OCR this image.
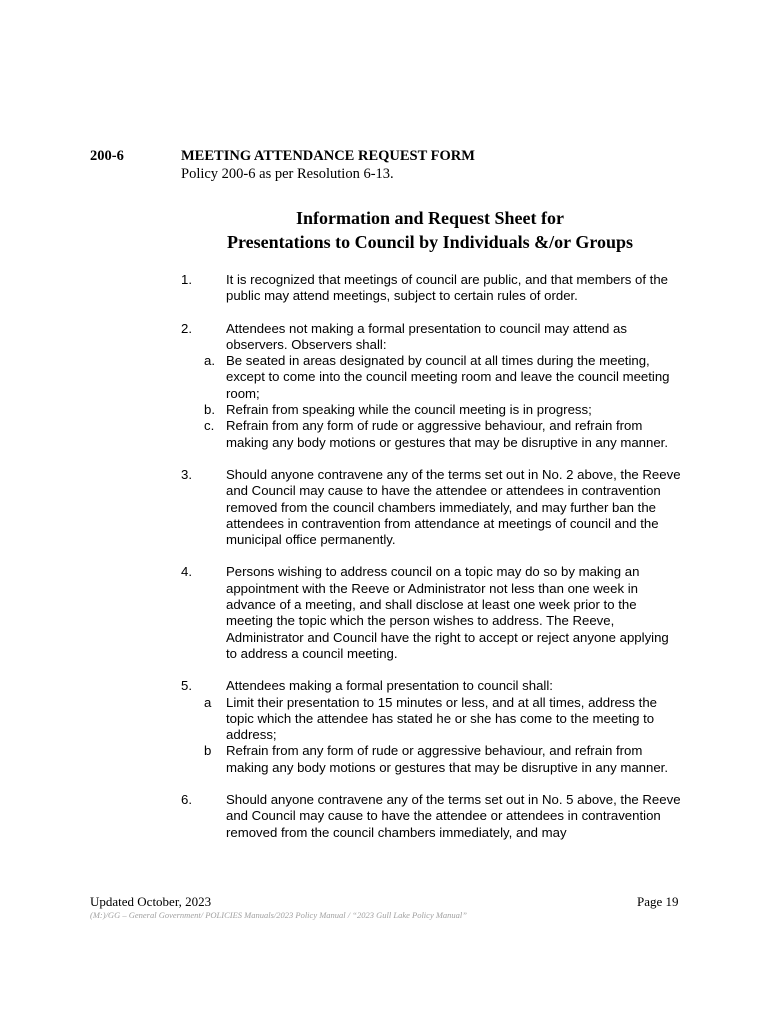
200-6	MEETING ATTENDANCE REQUEST FORM
Policy 200-6 as per Resolution 6-13.
Information and Request Sheet for
Presentations to Council by Individuals &/or Groups
1.	It is recognized that meetings of council are public, and that members of the public may attend meetings, subject to certain rules of order.
2.	Attendees not making a formal presentation to council may attend as observers. Observers shall:
a. Be seated in areas designated by council at all times during the meeting, except to come into the council meeting room and leave the council meeting room;
b. Refrain from speaking while the council meeting is in progress;
c. Refrain from any form of rude or aggressive behaviour, and refrain from making any body motions or gestures that may be disruptive in any manner.
3.	Should anyone contravene any of the terms set out in No. 2 above, the Reeve and Council may cause to have the attendee or attendees in contravention removed from the council chambers immediately, and may further ban the attendees in contravention from attendance at meetings of council and the municipal office permanently.
4.	Persons wishing to address council on a topic may do so by making an appointment with the Reeve or Administrator not less than one week in advance of a meeting, and shall disclose at least one week prior to the meeting the topic which the person wishes to address. The Reeve, Administrator and Council have the right to accept or reject anyone applying to address a council meeting.
5.	Attendees making a formal presentation to council shall:
a Limit their presentation to 15 minutes or less, and at all times, address the topic which the attendee has stated he or she has come to the meeting to address;
b Refrain from any form of rude or aggressive behaviour, and refrain from making any body motions or gestures that may be disruptive in any manner.
6.	Should anyone contravene any of the terms set out in No. 5 above, the Reeve and Council may cause to have the attendee or attendees in contravention removed from the council chambers immediately, and may
Updated October, 2023	Page 19
(M:)/GG – General Government/ POLICIES Manuals/2023 Policy Manual / “2023 Gull Lake Policy Manual”
